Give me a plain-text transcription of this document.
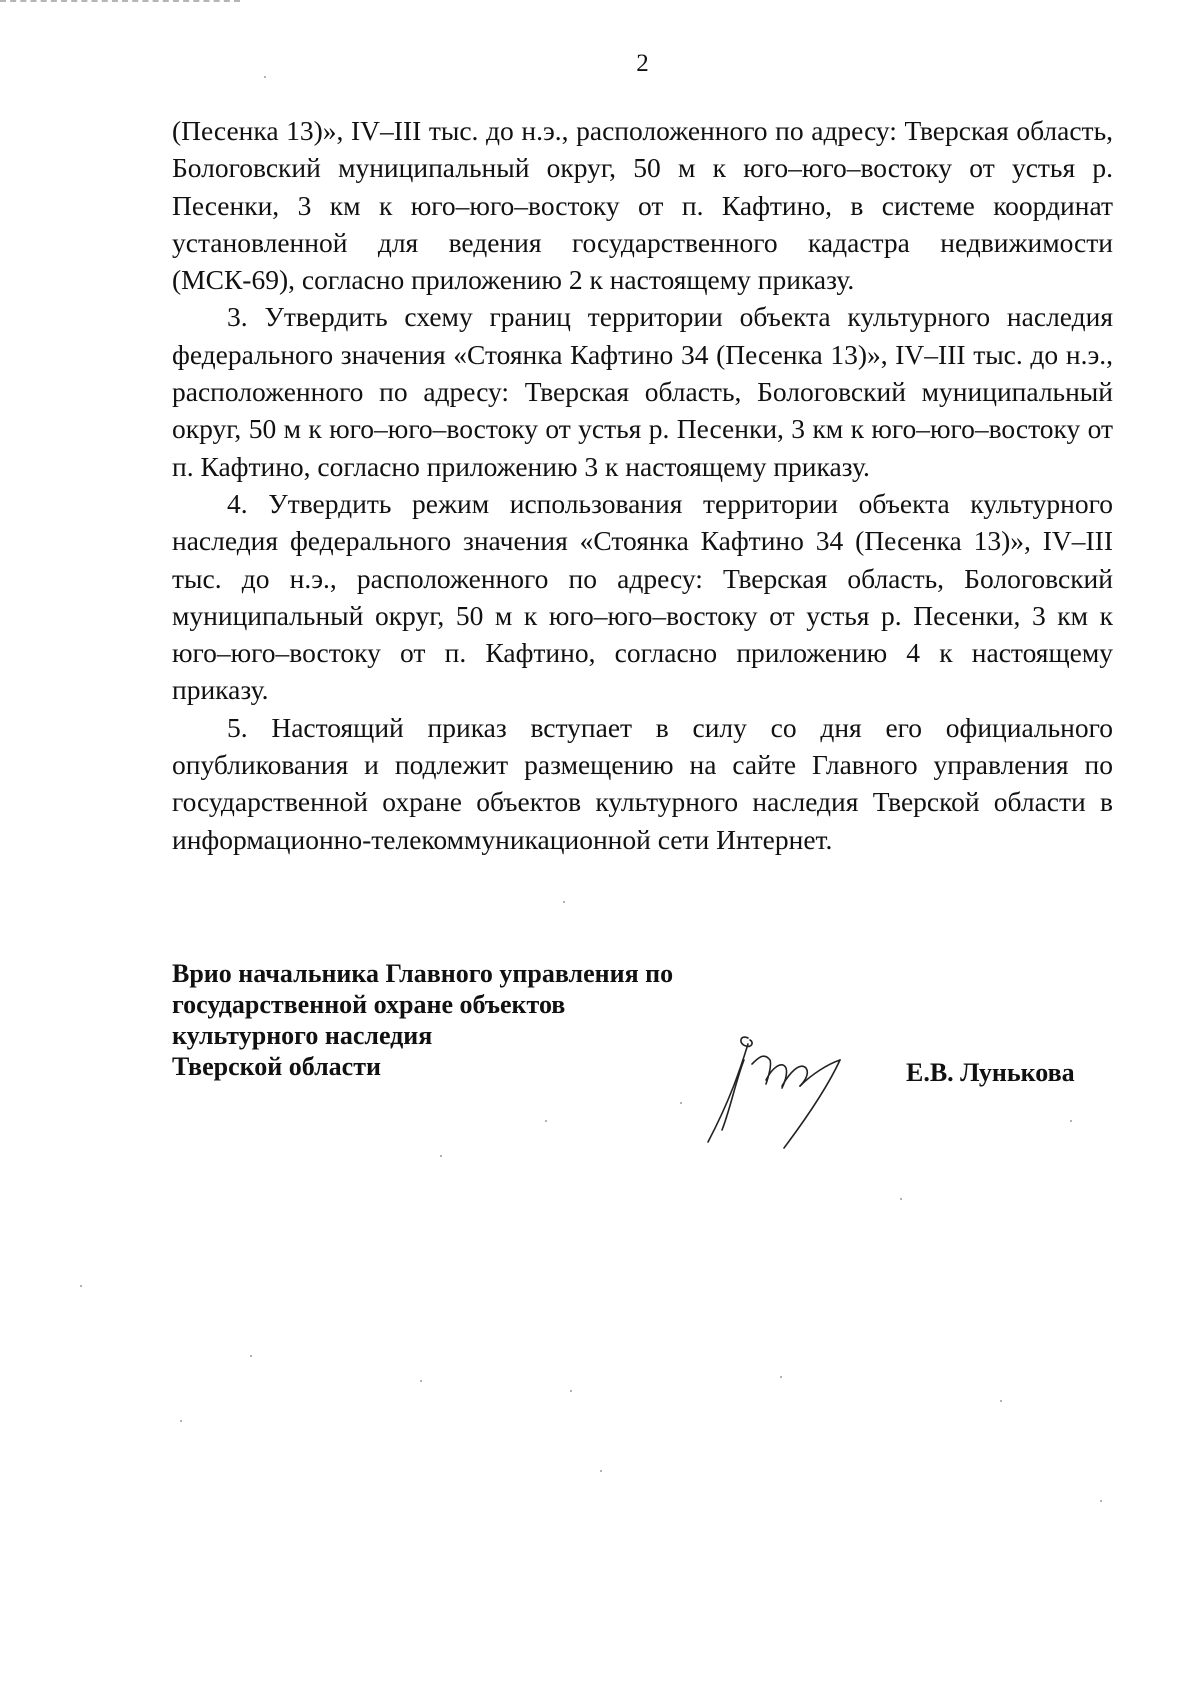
2

(Песенка 13)», IV–III тыс. до н.э., расположенного по адресу: Тверская область, Бологовский муниципальный округ, 50 м к юго–юго–востоку от устья р. Песенки, 3 км к юго–юго–востоку от п. Кафтино, в системе координат установленной для ведения государственного кадастра недвижимости (МСК-69), согласно приложению 2 к настоящему приказу.

3. Утвердить схему границ территории объекта культурного наследия федерального значения «Стоянка Кафтино 34 (Песенка 13)», IV–III тыс. до н.э., расположенного по адресу: Тверская область, Бологовский муниципальный округ, 50 м к юго–юго–востоку от устья р. Песенки, 3 км к юго–юго–востоку от п. Кафтино, согласно приложению 3 к настоящему приказу.

4. Утвердить режим использования территории объекта культурного наследия федерального значения «Стоянка Кафтино 34 (Песенка 13)», IV–III тыс. до н.э., расположенного по адресу: Тверская область, Бологовский муниципальный округ, 50 м к юго–юго–востоку от устья р. Песенки, 3 км к юго–юго–востоку от п. Кафтино, согласно приложению 4 к настоящему приказу.

5. Настоящий приказ вступает в силу со дня его официального опубликования и подлежит размещению на сайте Главного управления по государственной охране объектов культурного наследия Тверской области в информационно-телекоммуникационной сети Интернет.

Врио начальника Главного управления по
государственной охране объектов
культурного наследия
Тверской области	Е.В. Лунькова
